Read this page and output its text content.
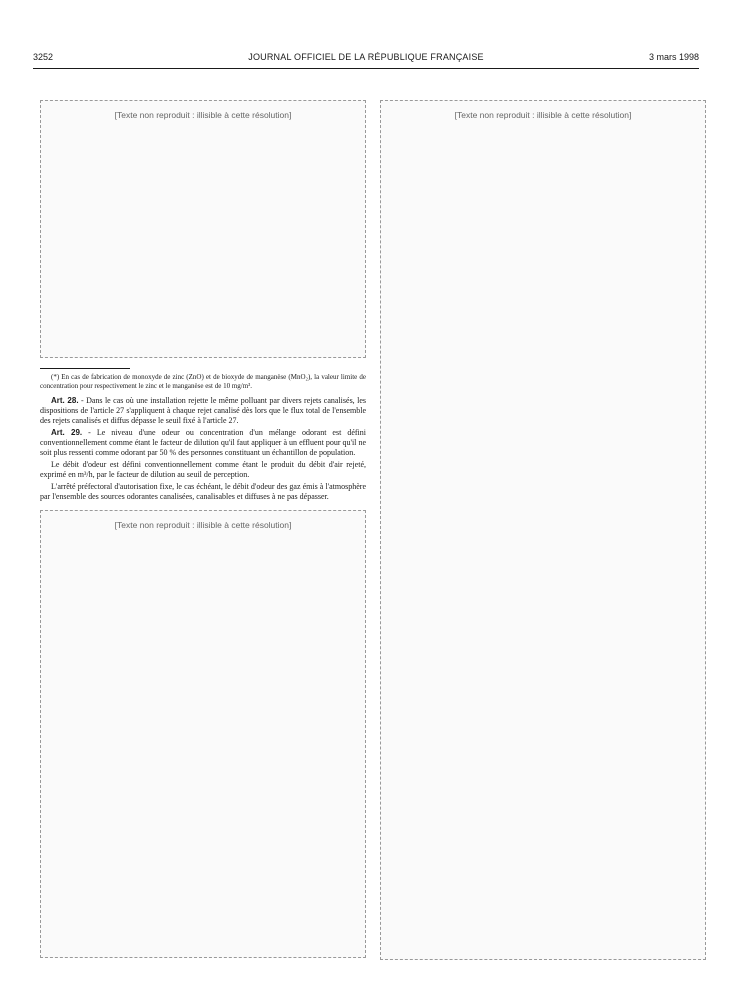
3252	JOURNAL OFFICIEL DE LA RÉPUBLIQUE FRANÇAISE	3 mars 1998
[Texte non reproduit : illisible à cette résolution]
(*) En cas de fabrication de monoxyde de zinc (ZnO) et de bioxyde de manganèse (MnO₂), la valeur limite de concentration pour respectivement le zinc et le manganèse est de 10 mg/m³.

Art. 28. - Dans le cas où une installation rejette le même polluant par divers rejets canalisés, les dispositions de l'article 27 s'appliquent à chaque rejet canalisé dès lors que le flux total de l'ensemble des rejets canalisés et diffus dépasse le seuil fixé à l'article 27.

Art. 29. - Le niveau d'une odeur ou concentration d'un mélange odorant est défini conventionnellement comme étant le facteur de dilution qu'il faut appliquer à un effluent pour qu'il ne soit plus ressenti comme odorant par 50 % des personnes constituant un échantillon de population.

Le débit d'odeur est défini conventionnellement comme étant le produit du débit d'air rejeté, exprimé en m³/h, par le facteur de dilution au seuil de perception.

L'arrêté préfectoral d'autorisation fixe, le cas échéant, le débit d'odeur des gaz émis à l'atmosphère par l'ensemble des sources odorantes canalisées, canalisables et diffuses à ne pas dépasser.

[Texte non reproduit : illisible à cette résolution]
[Texte non reproduit : illisible à cette résolution]
